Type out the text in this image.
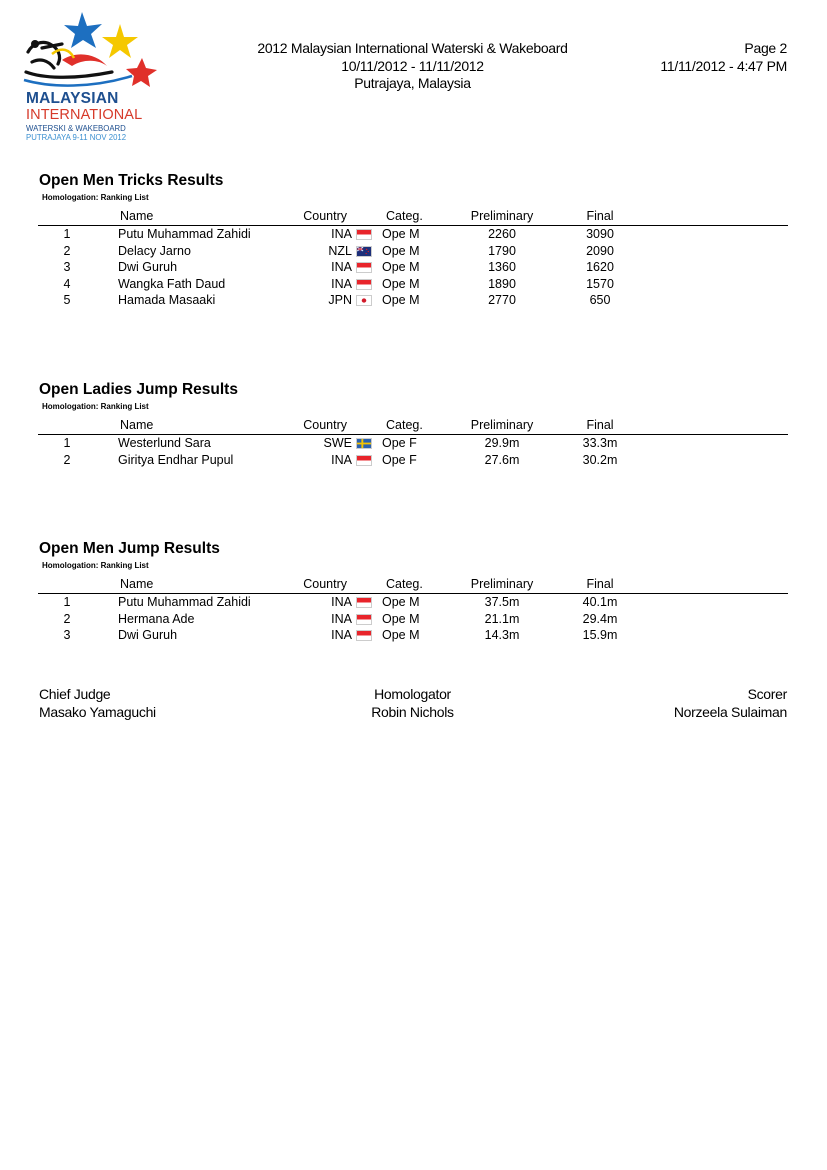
MALAYSIAN
INTERNATIONAL
WATERSKI & WAKEBOARD
PUTRAJAYA 9-11 NOV 2012
2012 Malaysian International Waterski & Wakeboard
10/11/2012 - 11/11/2012
Putrajaya, Malaysia
Page 2
11/11/2012 - 4:47 PM
Open Men Tricks Results
Homologation: Ranking List
Name	Country	Categ.	Preliminary	Final
1	Putu Muhammad Zahidi	INA Ope M	2260	3090
2	Delacy Jarno	NZL Ope M	1790	2090
3	Dwi Guruh	INA Ope M	1360	1620
4	Wangka Fath Daud	INA Ope M	1890	1570
5	Hamada Masaaki	JPN Ope M	2770	650
Open Ladies Jump Results
Homologation: Ranking List
Name	Country	Categ.	Preliminary	Final
1	Westerlund Sara	SWE Ope F	29.9m	33.3m
2	Giritya Endhar Pupul	INA Ope F	27.6m	30.2m
Open Men Jump Results
Homologation: Ranking List
Name	Country	Categ.	Preliminary	Final
1	Putu Muhammad Zahidi	INA Ope M	37.5m	40.1m
2	Hermana Ade	INA Ope M	21.1m	29.4m
3	Dwi Guruh	INA Ope M	14.3m	15.9m
Chief Judge
Masako Yamaguchi
Homologator
Robin Nichols
Scorer
Norzeela Sulaiman
